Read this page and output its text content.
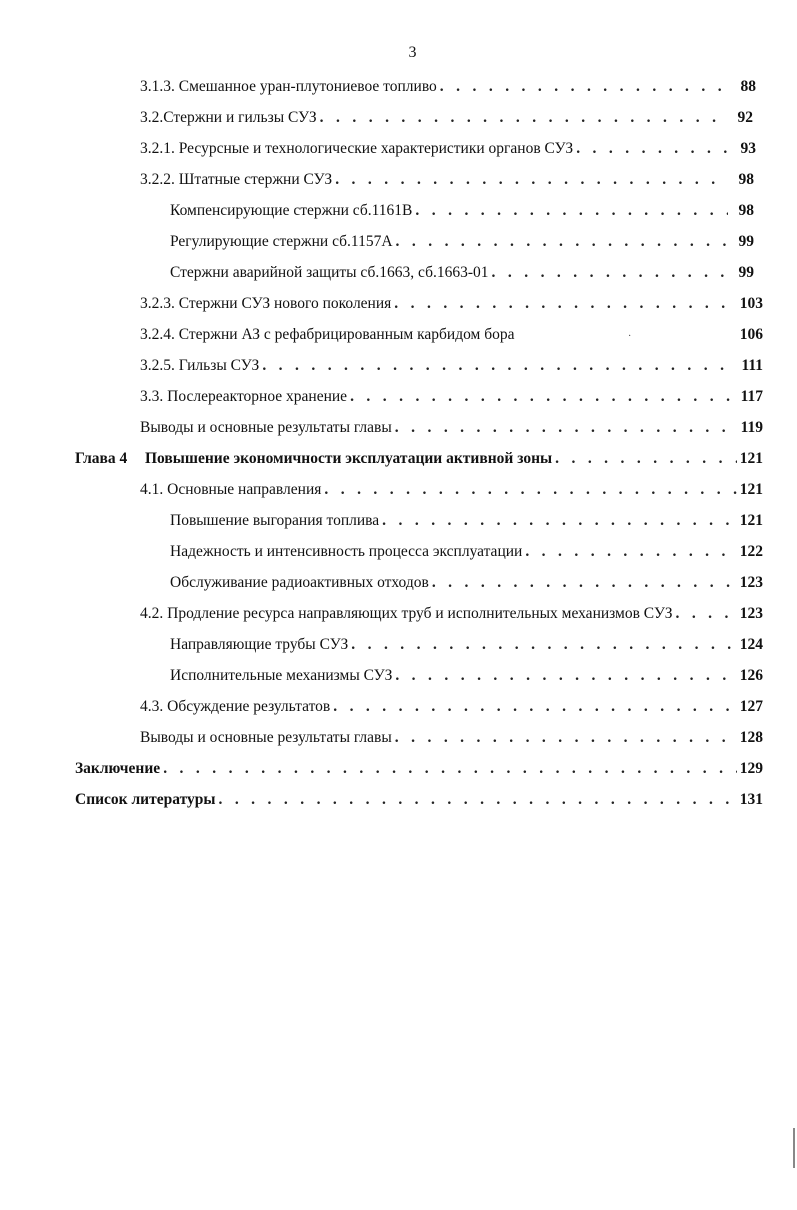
3
3.1.3. Смешанное уран-плутониевое топливо . . .	88
3.2.Стержни и гильзы СУЗ . . .	92
3.2.1. Ресурсные и технологические характеристики органов СУЗ . . .	93
3.2.2. Штатные стержни СУЗ . . .	98
Компенсирующие стержни сб.1161В . . .	98
Регулирующие стержни сб.1157А . . .	99
Стержни аварийной защиты сб.1663, сб.1663-01 . . .	99
3.2.3. Стержни СУЗ нового поколения . . .	103
3.2.4. Стержни АЗ с рефабрицированным карбидом бора	106
3.2.5. Гильзы СУЗ . . .	111
3.3. Послереакторное хранение . . .	117
Выводы и основные результаты главы . . .	119
Глава 4 Повышение экономичности эксплуатации активной зоны . . .	121
4.1. Основные направления . . .	121
Повышение выгорания топлива . . .	121
Надежность и интенсивность процесса эксплуатации . . .	122
Обслуживание радиоактивных отходов . . .	123
4.2. Продление ресурса направляющих труб и исполнительных механизмов СУЗ . . .	123
Направляющие трубы СУЗ . . .	124
Исполнительные механизмы СУЗ . . .	126
4.3. Обсуждение результатов . . .	127
Выводы и основные результаты главы . . .	128
Заключение . . .	129
Список литературы . . .	131
·
